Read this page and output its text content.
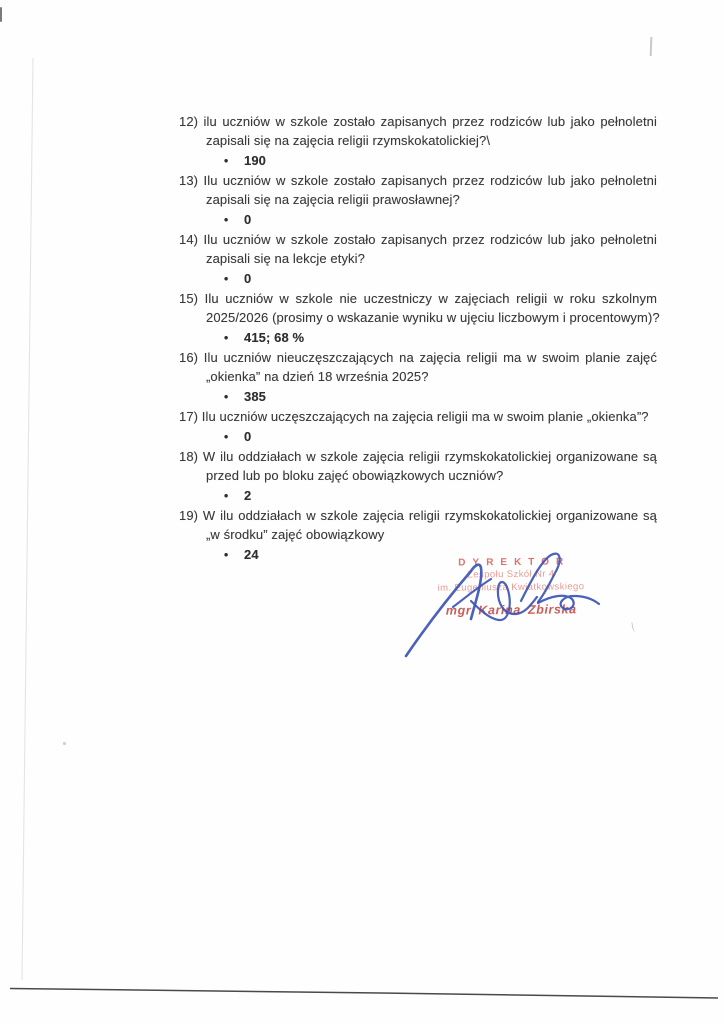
12) ilu uczniów w szkole zostało zapisanych przez rodziców lub jako pełnoletni
zapisali się na zajęcia religii rzymskokatolickiej?\
• 190
13) Ilu uczniów w szkole zostało zapisanych przez rodziców lub jako pełnoletni
zapisali się na zajęcia religii prawosławnej?
• 0
14) Ilu uczniów w szkole zostało zapisanych przez rodziców lub jako pełnoletni
zapisali się na lekcje etyki?
• 0
15) Ilu uczniów w szkole nie uczestniczy w zajęciach religii w roku szkolnym
2025/2026 (prosimy o wskazanie wyniku w ujęciu liczbowym i procentowym)?
• 415; 68 %
16) Ilu uczniów nieuczęszczających na zajęcia religii ma w swoim planie zajęć
„okienka” na dzień 18 września 2025?
• 385
17) Ilu uczniów uczęszczających na zajęcia religii ma w swoim planie „okienka”?
• 0
18) W ilu oddziałach w szkole zajęcia religii rzymskokatolickiej organizowane są
przed lub po bloku zajęć obowiązkowych uczniów?
• 2
19) W ilu oddziałach w szkole zajęcia religii rzymskokatolickiej organizowane są
„w środku” zajęć obowiązkowy
• 24
DYREKTOR
Zespołu Szkół Nr 4
im. Eugeniusza Kwiatkowskiego
mgr Karina Zbirska
